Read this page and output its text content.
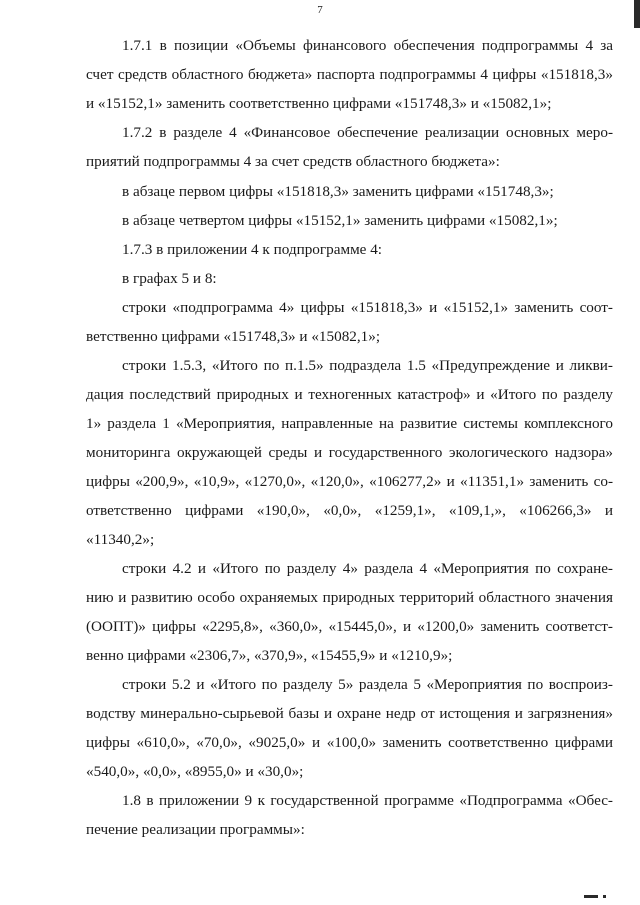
7
1.7.1 в позиции «Объемы финансового обеспечения подпрограммы 4 за
счет средств областного бюджета» паспорта подпрограммы 4 цифры «151818,3»
и «15152,1» заменить соответственно цифрами «151748,3» и «15082,1»;
1.7.2 в разделе 4 «Финансовое обеспечение реализации основных меро-
приятий подпрограммы 4 за счет средств областного бюджета»:
в абзаце первом цифры «151818,3» заменить цифрами «151748,3»;
в абзаце четвертом цифры «15152,1» заменить цифрами «15082,1»;
1.7.3 в приложении 4 к подпрограмме 4:
в графах 5 и 8:
строки «подпрограмма 4» цифры «151818,3» и «15152,1» заменить соот-
ветственно цифрами «151748,3» и «15082,1»;
строки 1.5.3, «Итого по п.1.5» подраздела 1.5 «Предупреждение и ликви-
дация последствий природных и техногенных катастроф» и «Итого по разделу
1» раздела 1 «Мероприятия, направленные на развитие системы комплексного
мониторинга окружающей среды и государственного экологического надзора»
цифры «200,9», «10,9», «1270,0», «120,0», «106277,2» и «11351,1» заменить со-
ответственно цифрами «190,0», «0,0», «1259,1», «109,1,», «106266,3» и
«11340,2»;
строки 4.2 и «Итого по разделу 4» раздела 4 «Мероприятия по сохране-
нию и развитию особо охраняемых природных территорий областного значения
(ООПТ)» цифры «2295,8», «360,0», «15445,0», и «1200,0» заменить соответст-
венно цифрами «2306,7», «370,9», «15455,9» и «1210,9»;
строки 5.2 и «Итого по разделу 5» раздела 5 «Мероприятия по воспроиз-
водству минерально-сырьевой базы и охране недр от истощения и загрязнения»
цифры «610,0», «70,0», «9025,0» и «100,0» заменить соответственно цифрами
«540,0», «0,0», «8955,0» и «30,0»;
1.8 в приложении 9 к государственной программе «Подпрограмма «Обес-
печение реализации программы»:
